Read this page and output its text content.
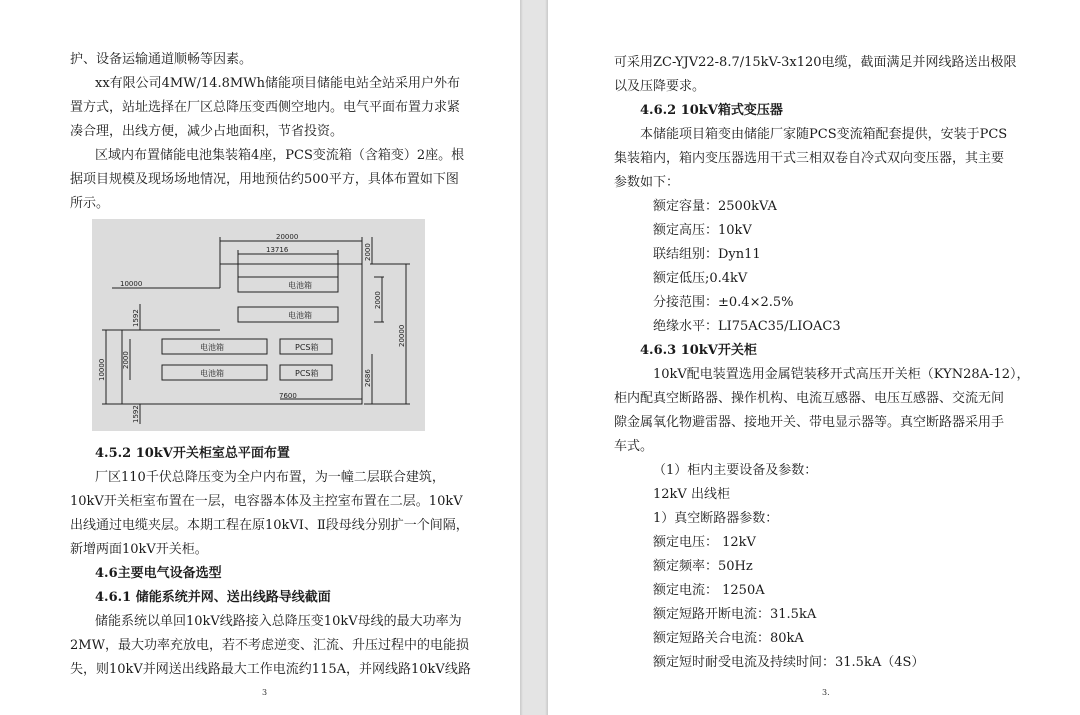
护、设备运输通道顺畅等因素。
xx有限公司4MW/14.8MWh储能项目储能电站全站采用户外布
置方式，站址选择在厂区总降压变西侧空地内。电气平面布置力求紧
凑合理，出线方便，减少占地面积，节省投资。
区域内布置储能电池集装箱4座，PCS变流箱（含箱变）2座。根
据项目规模及现场场地情况，用地预估约500平方，具体布置如下图
所示。
电池箱
电池箱
电池箱
电池箱
PCS箱
PCS箱
20000
13716
10000
7600
1592
10000 2000
1592
2000
2000
20000
2686
4.5.2 10kV开关柜室总平面布置
厂区110千伏总降压变为全户内布置，为一幢二层联合建筑，
10kV开关柜室布置在一层，电容器本体及主控室布置在二层。10kV
出线通过电缆夹层。本期工程在原10kVⅠ、Ⅱ段母线分别扩一个间隔，
新增两面10kV开关柜。
4.6主要电气设备选型
4.6.1 储能系统并网、送出线路导线截面
储能系统以单回10kV线路接入总降压变10kV母线的最大功率为
2MW，最大功率充放电，若不考虑逆变、汇流、升压过程中的电能损
失，则10kV并网送出线路最大工作电流约115A，并网线路10kV线路
3
可采用ZC-YJV22-8.7/15kV-3x120电缆，截面满足并网线路送出极限
以及压降要求。
4.6.2 10kV箱式变压器
本储能项目箱变由储能厂家随PCS变流箱配套提供，安装于PCS
集装箱内，箱内变压器选用干式三相双卷自冷式双向变压器，其主要
参数如下：
额定容量：2500kVA
额定高压：10kV
联结组别：Dyn11
额定低压;0.4kV
分接范围：±0.4×2.5%
绝缘水平：LI75AC35/LIOAC3
4.6.3 10kV开关柜
10kV配电装置选用金属铠装移开式高压开关柜（KYN28A-12），
柜内配真空断路器、操作机构、电流互感器、电压互感器、交流无间
隙金属氧化物避雷器、接地开关、带电显示器等。真空断路器采用手
车式。
（1）柜内主要设备及参数：
12kV 出线柜
1）真空断路器参数：
额定电压： 12kV
额定频率：50Hz
额定电流： 1250A
额定短路开断电流：31.5kA
额定短路关合电流：80kA
额定短时耐受电流及持续时间：31.5kA（4S）
3.
